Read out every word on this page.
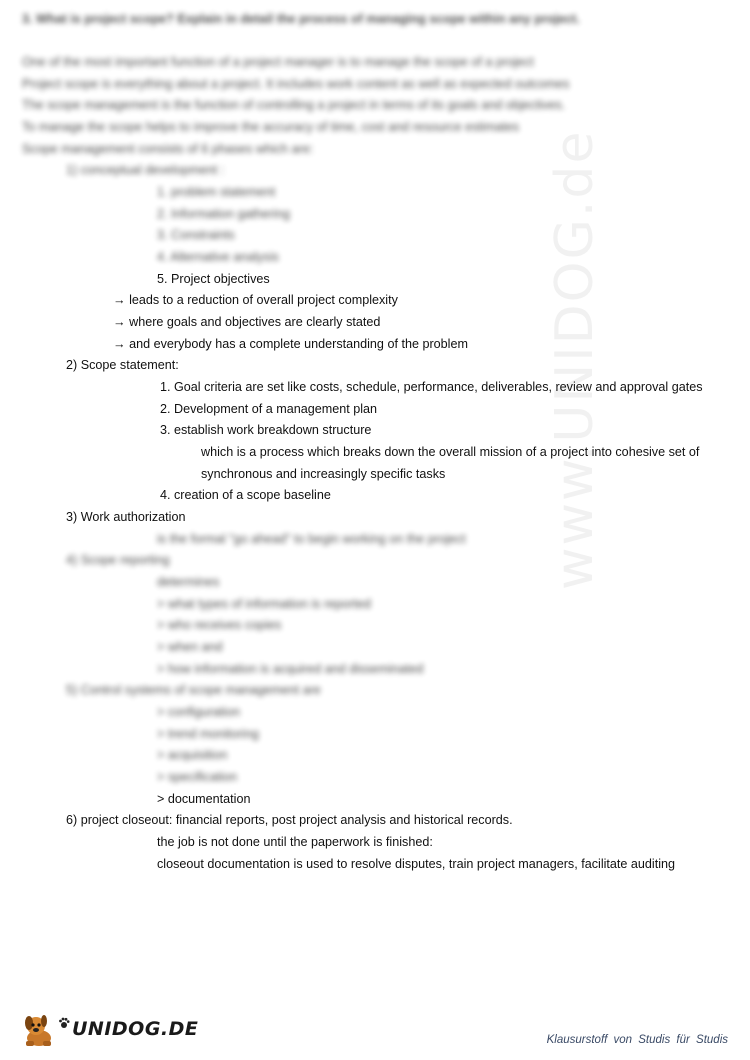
www.UNIDOG.de
3. What is project scope? Explain in detail the process of managing scope within any project.
One of the most important function of a project manager is to manage the scope of a project
Project scope is everything about a project. It includes work content as well as expected outcomes
The scope management is the function of controlling a project in terms of its goals and objectives.
To manage the scope helps to improve the accuracy of time, cost and resource estimates
Scope management consists of 6 phases which are:
1) conceptual development :
1. problem statement
2. Information gathering
3. Constraints
4. Alternative analysis
5. Project objectives
→ leads to a reduction of overall project complexity
→ where goals and objectives are clearly stated
→ and everybody has a complete understanding of the problem
2) Scope statement:
1. Goal criteria are set like costs, schedule, performance, deliverables, review and approval gates
2. Development of a management plan
3. establish work breakdown structure
which is a process which breaks down the overall mission of a project into cohesive set of
synchronous and increasingly specific tasks
4. creation of a scope baseline
3) Work authorization
is the formal "go ahead" to begin working on the project
4) Scope reporting
determines
> what types of information is reported
> who receives copies
> when and
> how information is acquired and disseminated
5) Control systems of scope management are
> configuration
> trend monitoring
> acquisition
> specification
> documentation
6) project closeout: financial reports, post project analysis and historical records.
the job is not done until the paperwork is finished:
closeout documentation is used to resolve disputes, train project managers, facilitate auditing
UNIDOG.DE	Klausurstoff von Studis für Studis
